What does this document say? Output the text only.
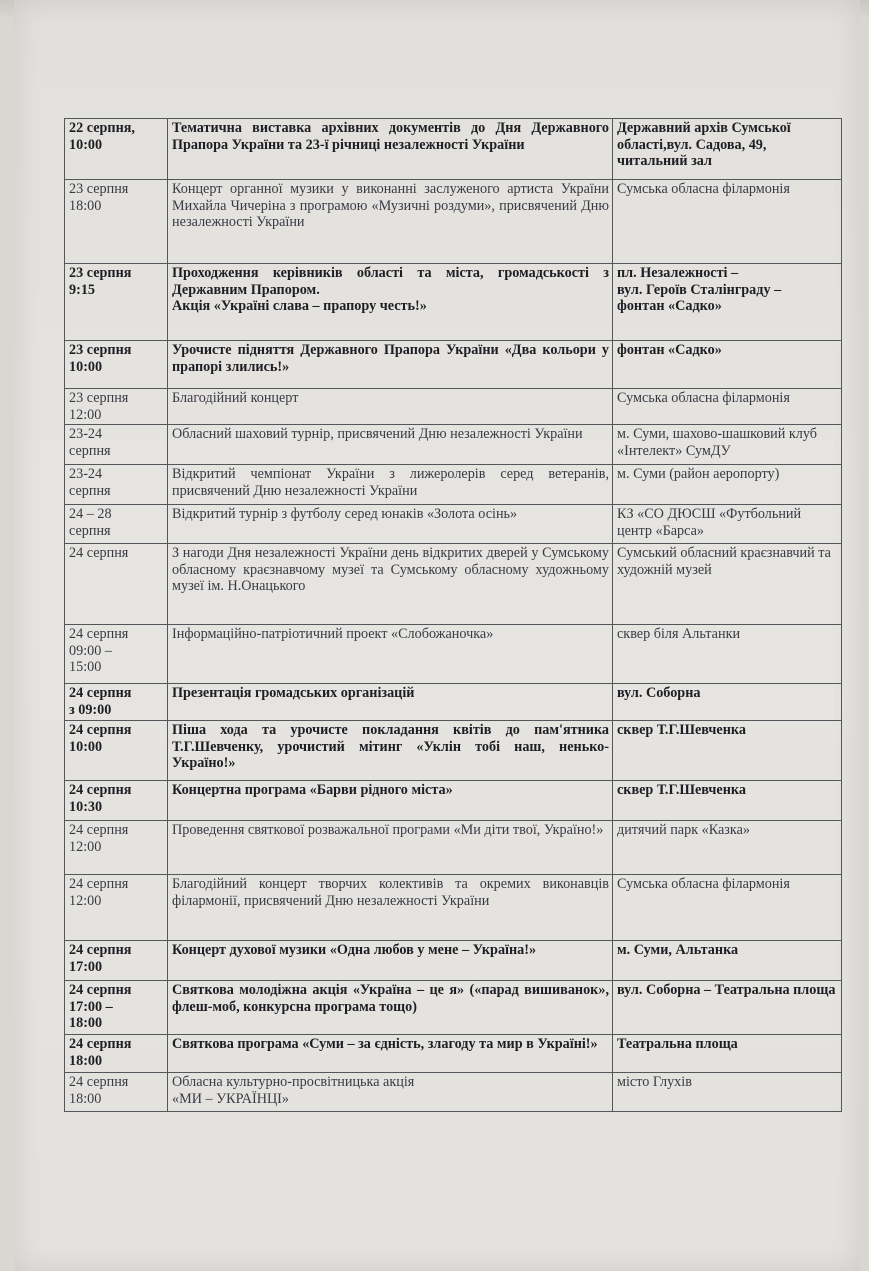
22 серпня,
10:00	Тематична виставка архівних документів до Дня Державного Прапора України та 23-ї річниці незалежності України	Державний архів Сумської області,вул. Садова, 49, читальний зал

23 серпня
18:00	Концерт органної музики у виконанні заслуженого артиста України Михайла Чичеріна з програмою «Музичні роздуми», присвячений Дню незалежності України	Сумська обласна філармонія

23 серпня
9:15	Проходження керівників області та міста, громадськості з Державним Прапором.
Акція «Україні слава – прапору честь!»	пл. Незалежності –
вул. Героїв Сталінграду –
фонтан «Садко»

23 серпня
10:00	Урочисте підняття Державного Прапора України «Два кольори у прапорі злились!»	фонтан «Садко»

23 серпня
12:00	Благодійний концерт	Сумська обласна філармонія

23-24
серпня	Обласний шаховий турнір, присвячений Дню незалежності України	м. Суми, шахово-шашковий клуб «Інтелект» СумДУ

23-24
серпня	Відкритий чемпіонат України з лижеролерів серед ветеранів, присвячений Дню незалежності України	м. Суми (район аеропорту)

24 – 28
серпня	Відкритий турнір з футболу серед юнаків «Золота осінь»	КЗ «СО ДЮСШ «Футбольний центр «Барса»

24 серпня	З нагоди Дня незалежності України день відкритих дверей у Сумському обласному краєзнавчому музеї та Сумському обласному художньому музеї ім. Н.Онацького	Сумський обласний краєзнавчий та художній музей

24 серпня
09:00 –
15:00	Інформаційно-патріотичний проект «Слобожаночка»	сквер біля Альтанки

24 серпня
з 09:00	Презентація громадських організацій	вул. Соборна

24 серпня
10:00	Піша хода та урочисте покладання квітів до пам'ятника Т.Г.Шевченку, урочистий мітинг «Уклін тобі наш, ненько-Україно!»	сквер Т.Г.Шевченка

24 серпня
10:30	Концертна програма «Барви рідного міста»	сквер Т.Г.Шевченка

24 серпня
12:00	Проведення святкової розважальної програми «Ми діти твої, Україно!»	дитячий парк «Казка»

24 серпня
12:00	Благодійний концерт творчих колективів та окремих виконавців філармонії, присвячений Дню незалежності України	Сумська обласна філармонія

24 серпня
17:00	Концерт духової музики «Одна любов у мене – Україна!»	м. Суми, Альтанка

24 серпня
17:00 –
18:00	Святкова молодіжна акція «Україна – це я» («парад вишиванок», флеш-моб, конкурсна програма тощо)	вул. Соборна – Театральна площа

24 серпня
18:00	Святкова програма «Суми – за єдність, злагоду та мир в Україні!»	Театральна площа

24 серпня
18:00	Обласна культурно-просвітницька акція
«МИ – УКРАЇНЦІ»	місто Глухів
